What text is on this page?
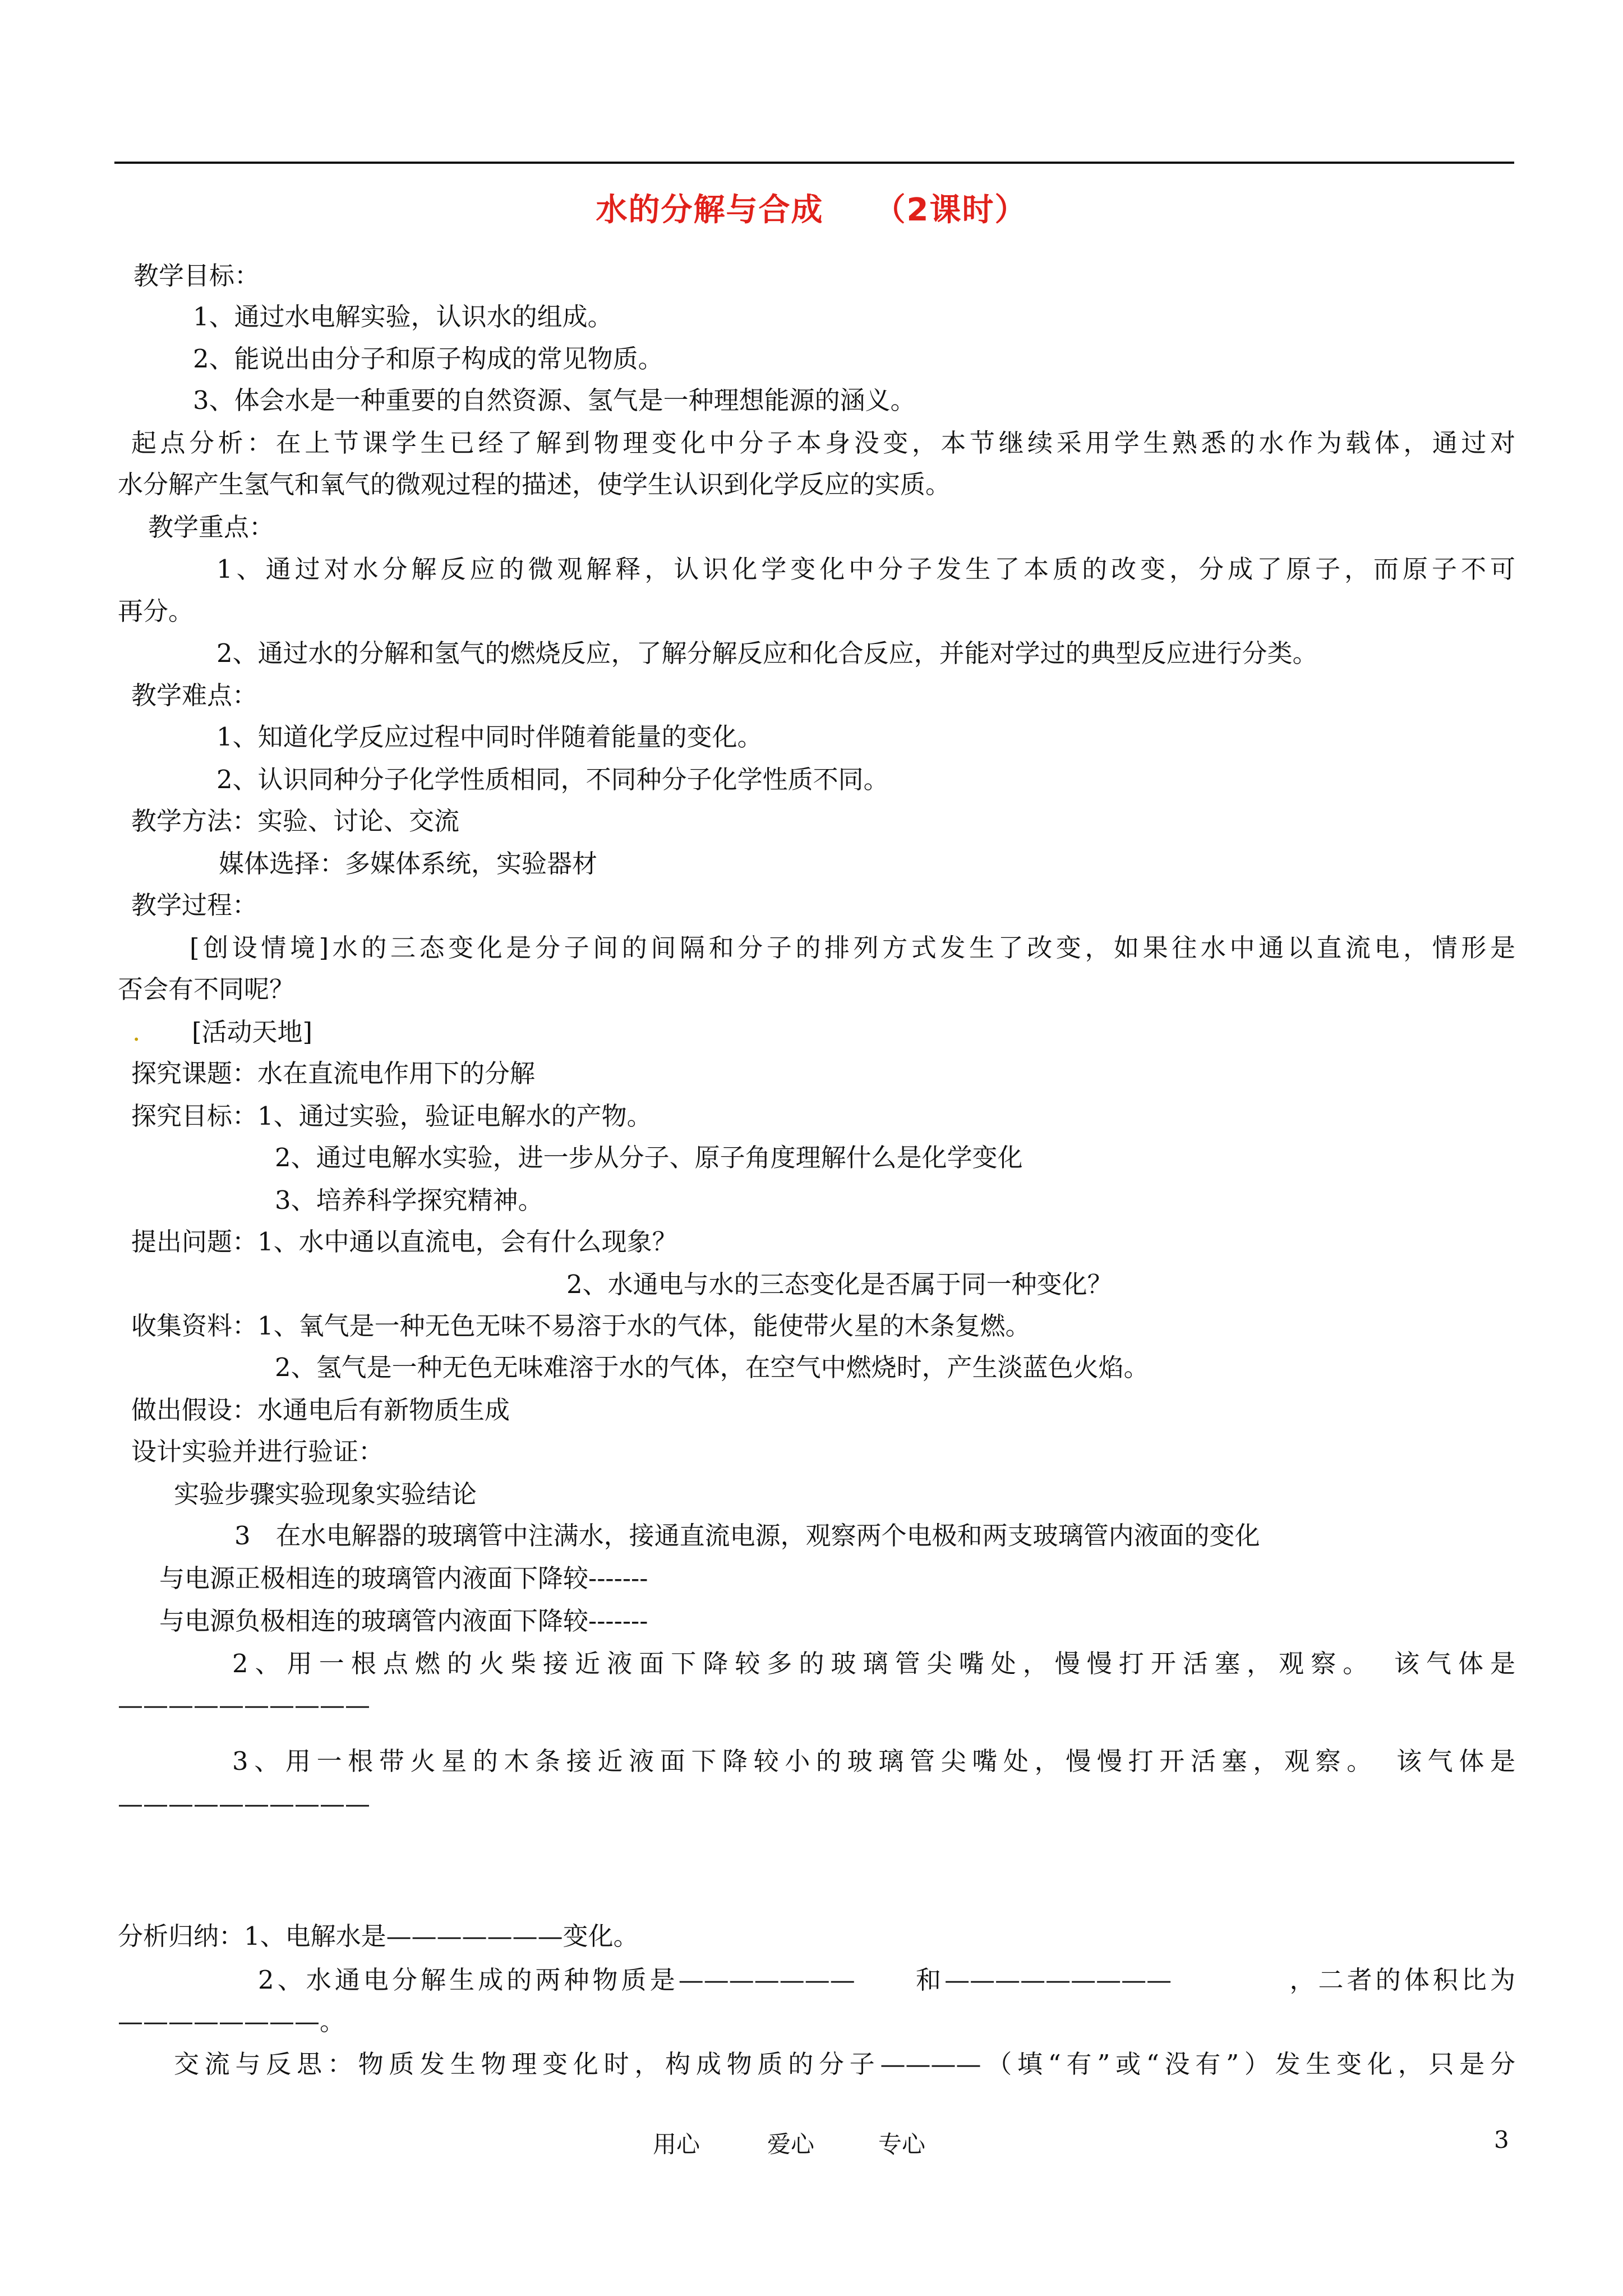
水的分解与合成 （2课时）
教学目标：
1、通过水电解实验，认识水的组成。
2、能说出由分子和原子构成的常见物质。
3、体会水是一种重要的自然资源、氢气是一种理想能源的涵义。
起点分析：在上节课学生已经了解到物理变化中分子本身没变，本节继续采用学生熟悉的水作为载体，通过对
水分解产生氢气和氧气的微观过程的描述，使学生认识到化学反应的实质。
教学重点：
1、通过对水分解反应的微观解释，认识化学变化中分子发生了本质的改变，分成了原子，而原子不可
再分。
2、通过水的分解和氢气的燃烧反应，了解分解反应和化合反应，并能对学过的典型反应进行分类。
教学难点：
1、知道化学反应过程中同时伴随着能量的变化。
2、认识同种分子化学性质相同，不同种分子化学性质不同。
教学方法：实验、讨论、交流
媒体选择：多媒体系统，实验器材
教学过程：
[创设情境]水的三态变化是分子间的间隔和分子的排列方式发生了改变，如果往水中通以直流电，情形是
否会有不同呢？
. [活动天地]
探究课题：水在直流电作用下的分解
探究目标：1、通过实验，验证电解水的产物。
2、通过电解水实验，进一步从分子、原子角度理解什么是化学变化
3、培养科学探究精神。
提出问题：1、水中通以直流电，会有什么现象？
2、水通电与水的三态变化是否属于同一种变化？
收集资料：1、氧气是一种无色无味不易溶于水的气体，能使带火星的木条复燃。
2、氢气是一种无色无味难溶于水的气体，在空气中燃烧时，产生淡蓝色火焰。
做出假设：水通电后有新物质生成
设计实验并进行验证：
实验步骤实验现象实验结论
3　在水电解器的玻璃管中注满水，接通直流电源，观察两个电极和两支玻璃管内液面的变化
与电源正极相连的玻璃管内液面下降较-------
与电源负极相连的玻璃管内液面下降较-------
2、用一根点燃的火柴接近液面下降较多的玻璃管尖嘴处，慢慢打开活塞，观察。　该气体是
——————————
3、用一根带火星的木条接近液面下降较小的玻璃管尖嘴处，慢慢打开活塞，观察。　该气体是
——————————
分析归纳：1、电解水是———————变化。
2、水通电分解生成的两种物质是———————　　和—————————　　　　，二者的体积比为
————————。
交流与反思：物质发生物理变化时，构成物质的分子————（填“有”或“没有”）发生变化，只是分
用心	爱心	专心	3
